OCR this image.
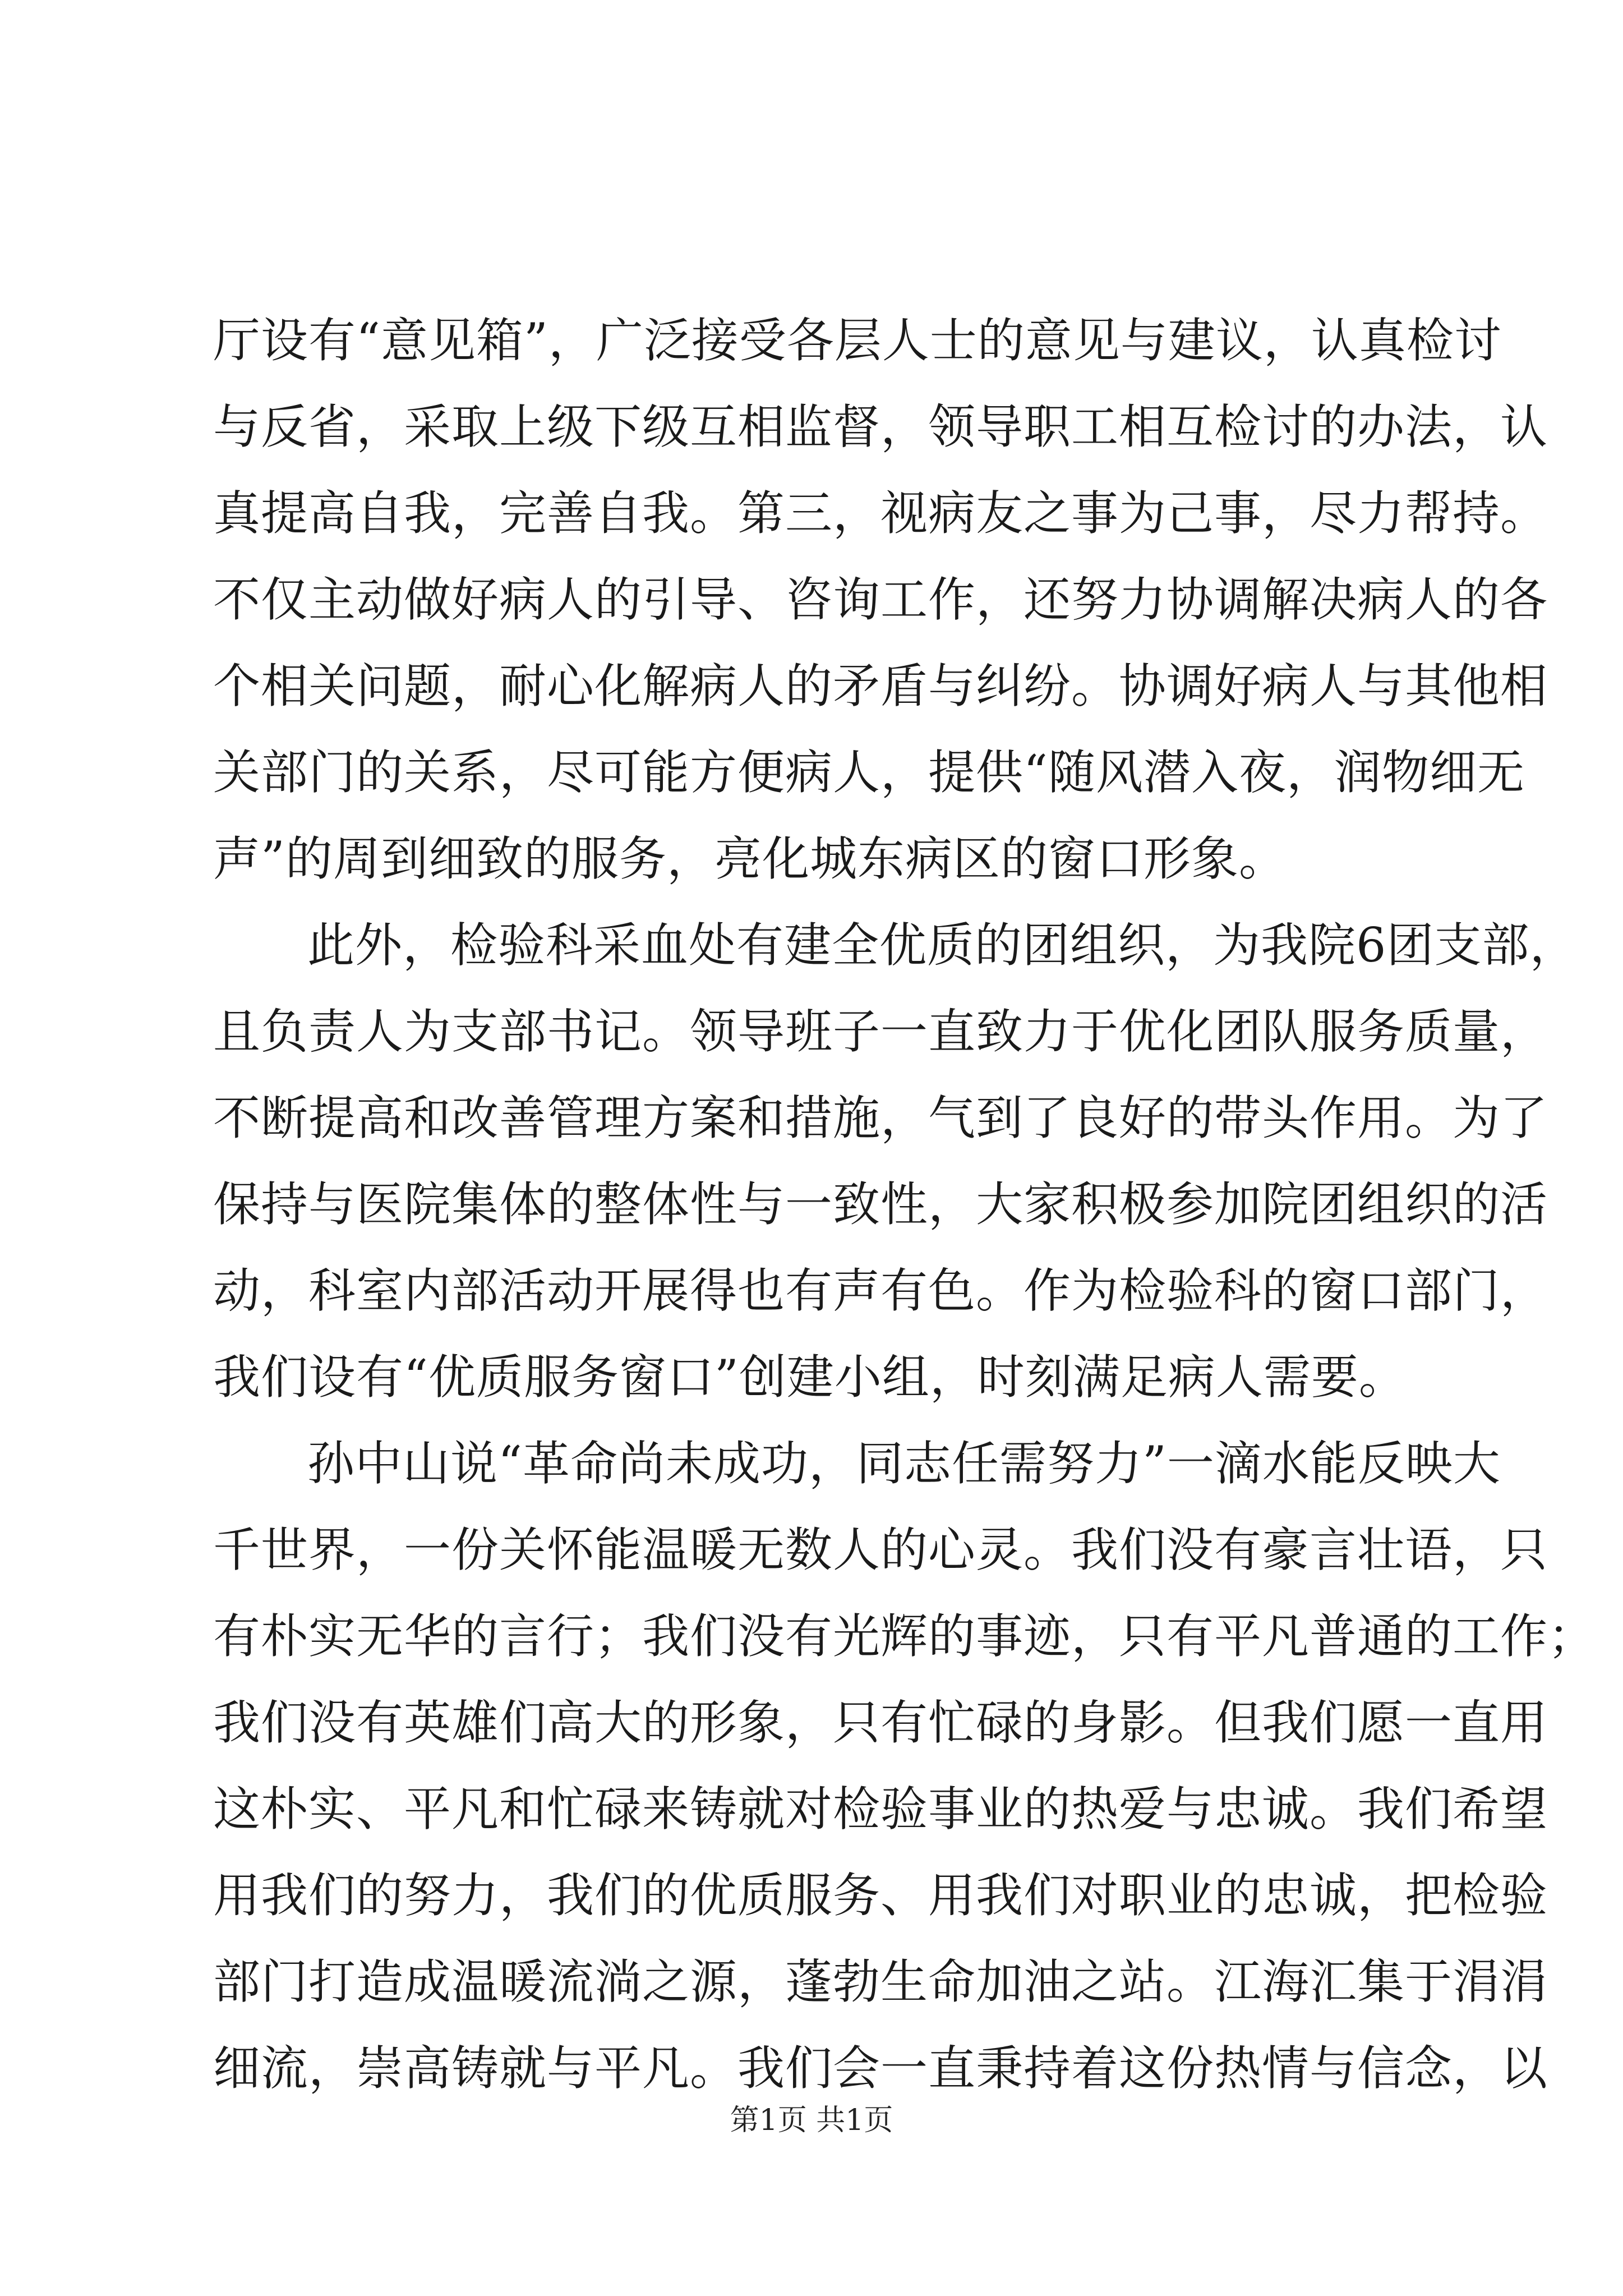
厅设有“意见箱”，广泛接受各层人士的意见与建议，认真检讨
与反省，采取上级下级互相监督，领导职工相互检讨的办法，认
真提高自我，完善自我。第三，视病友之事为己事，尽力帮持。
不仅主动做好病人的引导、咨询工作，还努力协调解决病人的各
个相关问题，耐心化解病人的矛盾与纠纷。协调好病人与其他相
关部门的关系，尽可能方便病人，提供“随风潜入夜，润物细无
声”的周到细致的服务，亮化城东病区的窗口形象。
此外，检验科采血处有建全优质的团组织，为我院6团支部，
且负责人为支部书记。领导班子一直致力于优化团队服务质量，
不断提高和改善管理方案和措施，气到了良好的带头作用。为了
保持与医院集体的整体性与一致性，大家积极参加院团组织的活
动，科室内部活动开展得也有声有色。作为检验科的窗口部门，
我们设有“优质服务窗口”创建小组，时刻满足病人需要。
孙中山说“革命尚未成功，同志任需努力”一滴水能反映大
千世界，一份关怀能温暖无数人的心灵。我们没有豪言壮语，只
有朴实无华的言行；我们没有光辉的事迹，只有平凡普通的工作；
我们没有英雄们高大的形象，只有忙碌的身影。但我们愿一直用
这朴实、平凡和忙碌来铸就对检验事业的热爱与忠诚。我们希望
用我们的努力，我们的优质服务、用我们对职业的忠诚，把检验
部门打造成温暖流淌之源，蓬勃生命加油之站。江海汇集于涓涓
细流，崇高铸就与平凡。我们会一直秉持着这份热情与信念，以
第1页 共1页
